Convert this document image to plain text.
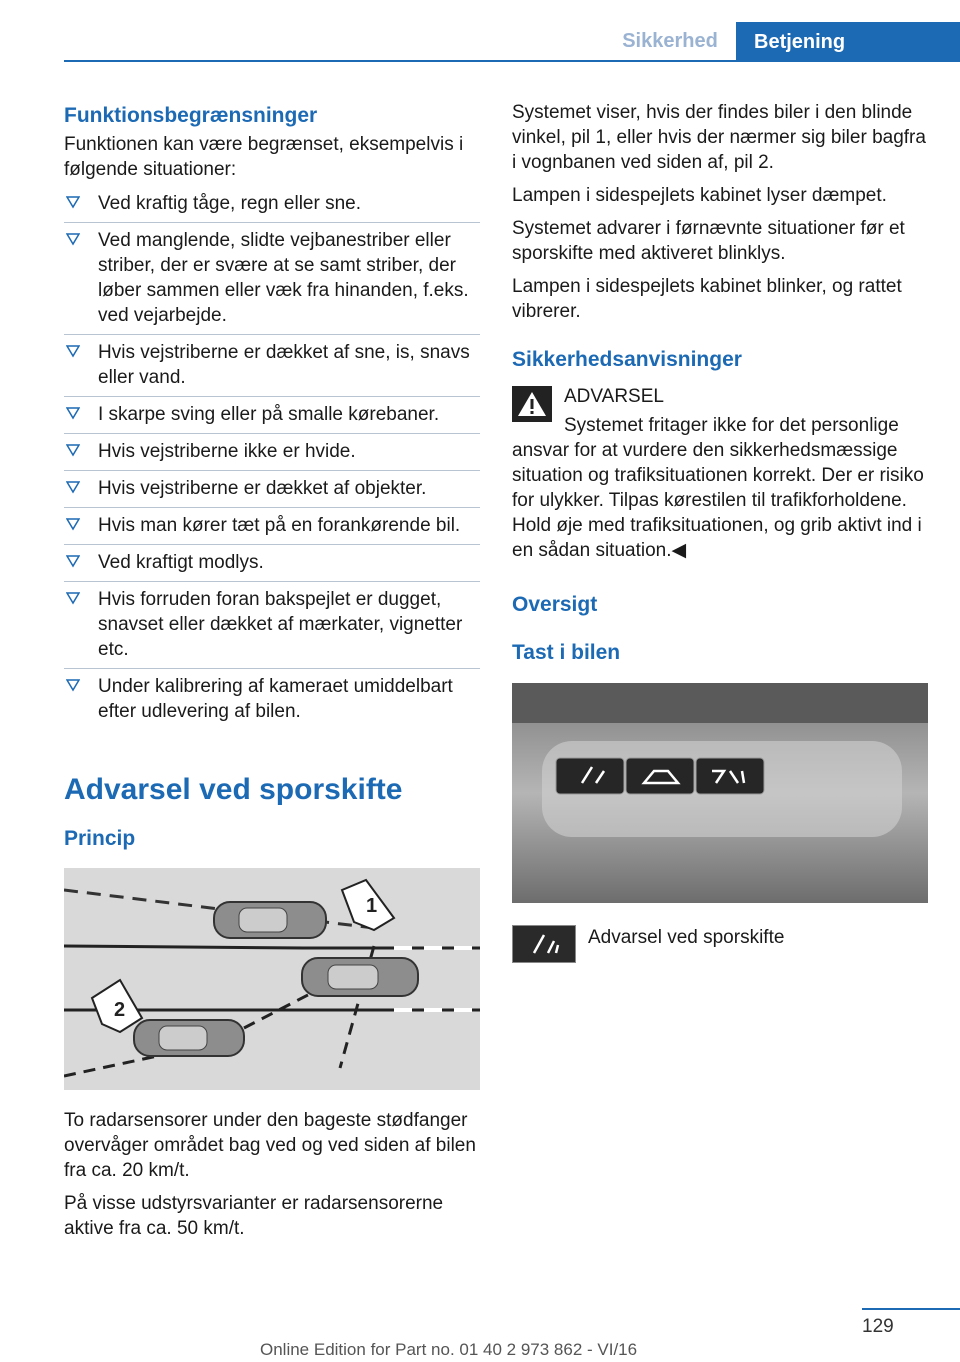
Sikkerhed	Betjening
Funktionsbegrænsninger

Funktionen kan være begrænset, eksempelvis i følgende situationer:

Ved kraftig tåge, regn eller sne.
Ved manglende, slidte vejbanestriber eller striber, der er svære at se samt striber, der løber sammen eller væk fra hinanden, f.eks. ved vejarbejde.
Hvis vejstriberne er dækket af sne, is, snavs eller vand.
I skarpe sving eller på smalle kørebaner.
Hvis vejstriberne ikke er hvide.
Hvis vejstriberne er dækket af objekter.
Hvis man kører tæt på en forankørende bil.
Ved kraftigt modlys.
Hvis forruden foran bakspejlet er dugget, snavset eller dækket af mærkater, vignetter etc.
Under kalibrering af kameraet umiddelbart efter udlevering af bilen.
Advarsel ved sporskifte
Princip
1
2

To radarsensorer under den bageste stødfanger overvåger området bag ved og ved siden af bilen fra ca. 20 km/t.

På visse udstyrsvarianter er radarsensorerne aktive fra ca. 50 km/t.

Systemet viser, hvis der findes biler i den blinde vinkel, pil 1, eller hvis der nærmer sig biler bagfra i vognbanen ved siden af, pil 2.

Lampen i sidespejlets kabinet lyser dæmpet.

Systemet advarer i førnævnte situationer før et sporskifte med aktiveret blinklys.

Lampen i sidespejlets kabinet blinker, og rattet vibrerer.

Sikkerhedsanvisninger

ADVARSEL

Systemet fritager ikke for det personlige ansvar for at vurdere den sikkerhedsmæssige situation og trafiksituationen korrekt. Der er risiko for ulykker. Tilpas kørestilen til trafikforholdene. Hold øje med trafiksituationen, og grib aktivt ind i en sådan situation.◀

Oversigt
Tast i bilen

Advarsel ved sporskifte

129
Online Edition for Part no. 01 40 2 973 862 - VI/16
